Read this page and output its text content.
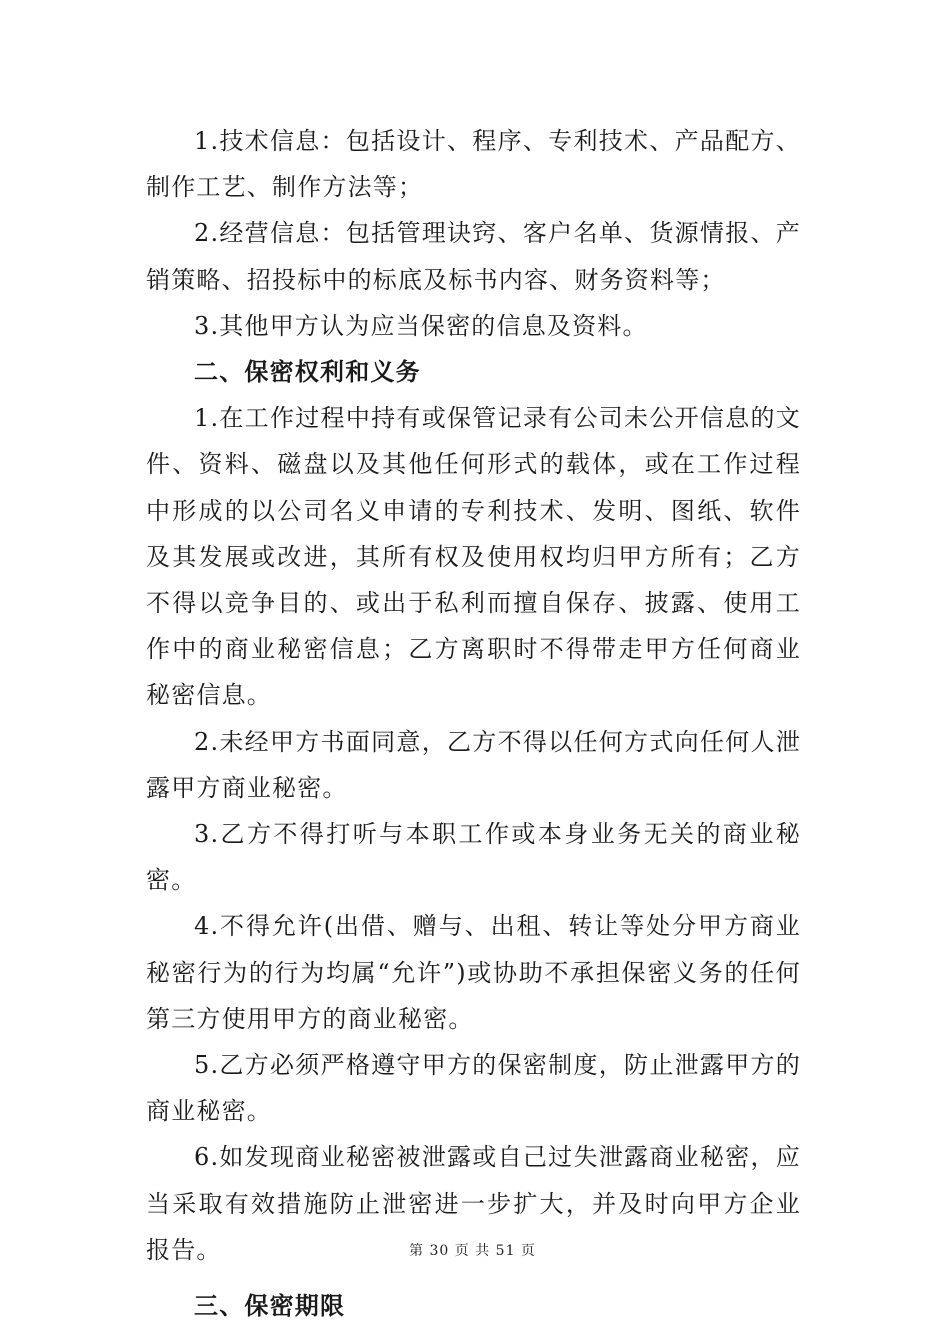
1.技术信息：包括设计、程序、专利技术、产品配方、制作工艺、制作方法等；

2.经营信息：包括管理诀窍、客户名单、货源情报、产销策略、招投标中的标底及标书内容、财务资料等；

3.其他甲方认为应当保密的信息及资料。

二、保密权利和义务

1.在工作过程中持有或保管记录有公司未公开信息的文件、资料、磁盘以及其他任何形式的载体，或在工作过程中形成的以公司名义申请的专利技术、发明、图纸、软件及其发展或改进，其所有权及使用权均归甲方所有；乙方不得以竞争目的、或出于私利而擅自保存、披露、使用工作中的商业秘密信息；乙方离职时不得带走甲方任何商业秘密信息。

2.未经甲方书面同意，乙方不得以任何方式向任何人泄露甲方商业秘密。

3.乙方不得打听与本职工作或本身业务无关的商业秘密。

4.不得允许(出借、赠与、出租、转让等处分甲方商业秘密行为的行为均属“允许”)或协助不承担保密义务的任何第三方使用甲方的商业秘密。

5.乙方必须严格遵守甲方的保密制度，防止泄露甲方的商业秘密。

6.如发现商业秘密被泄露或自己过失泄露商业秘密，应当采取有效措施防止泄密进一步扩大，并及时向甲方企业报告。

三、保密期限

第 30 页 共 51 页
